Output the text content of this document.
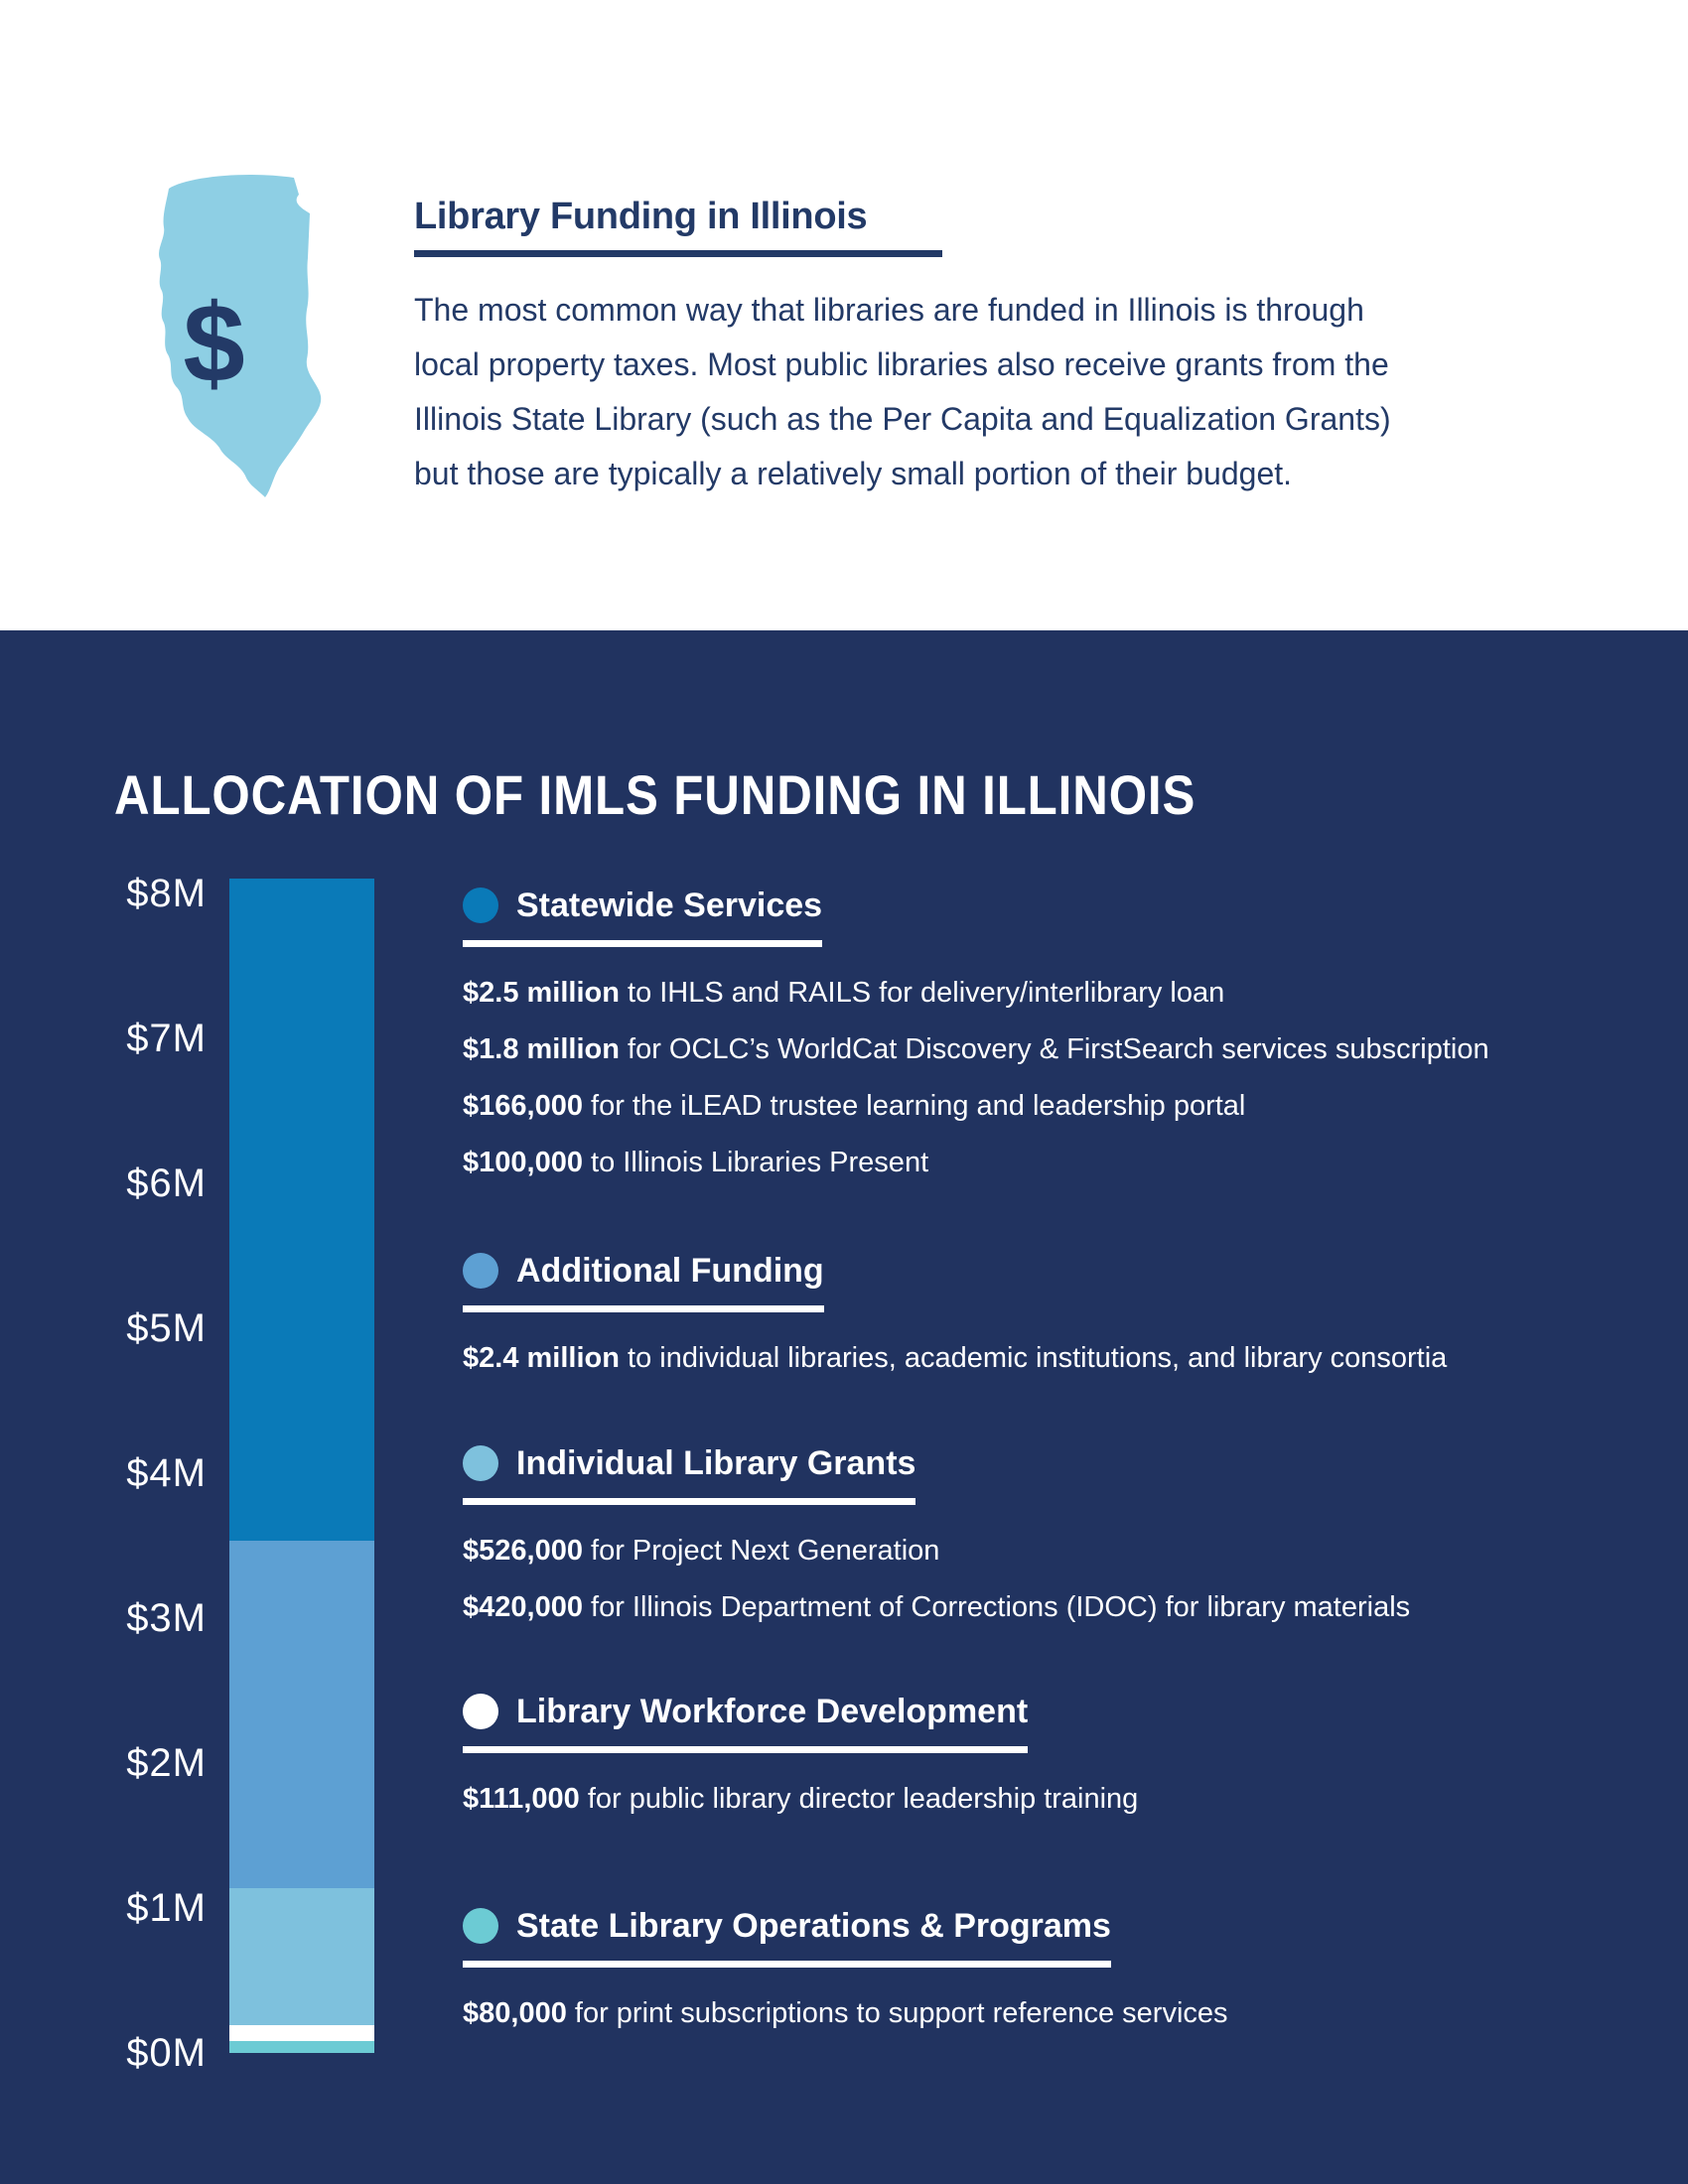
$
Library Funding in Illinois
The most common way that libraries are funded in Illinois is through
local property taxes. Most public libraries also receive grants from the
Illinois State Library (such as the Per Capita and Equalization Grants)
but those are typically a relatively small portion of their budget.
ALLOCATION OF IMLS FUNDING IN ILLINOIS
$8M
$7M
$6M
$5M
$4M
$3M
$2M
$1M
$0M
Statewide Services
$2.5 million to IHLS and RAILS for delivery/interlibrary loan
$1.8 million for OCLC’s WorldCat Discovery & FirstSearch services subscription
$166,000 for the iLEAD trustee learning and leadership portal
$100,000 to Illinois Libraries Present
Additional Funding
$2.4 million to individual libraries, academic institutions, and library consortia
Individual Library Grants
$526,000 for Project Next Generation
$420,000 for Illinois Department of Corrections (IDOC) for library materials
Library Workforce Development
$111,000 for public library director leadership training
State Library Operations & Programs
$80,000 for print subscriptions to support reference services
